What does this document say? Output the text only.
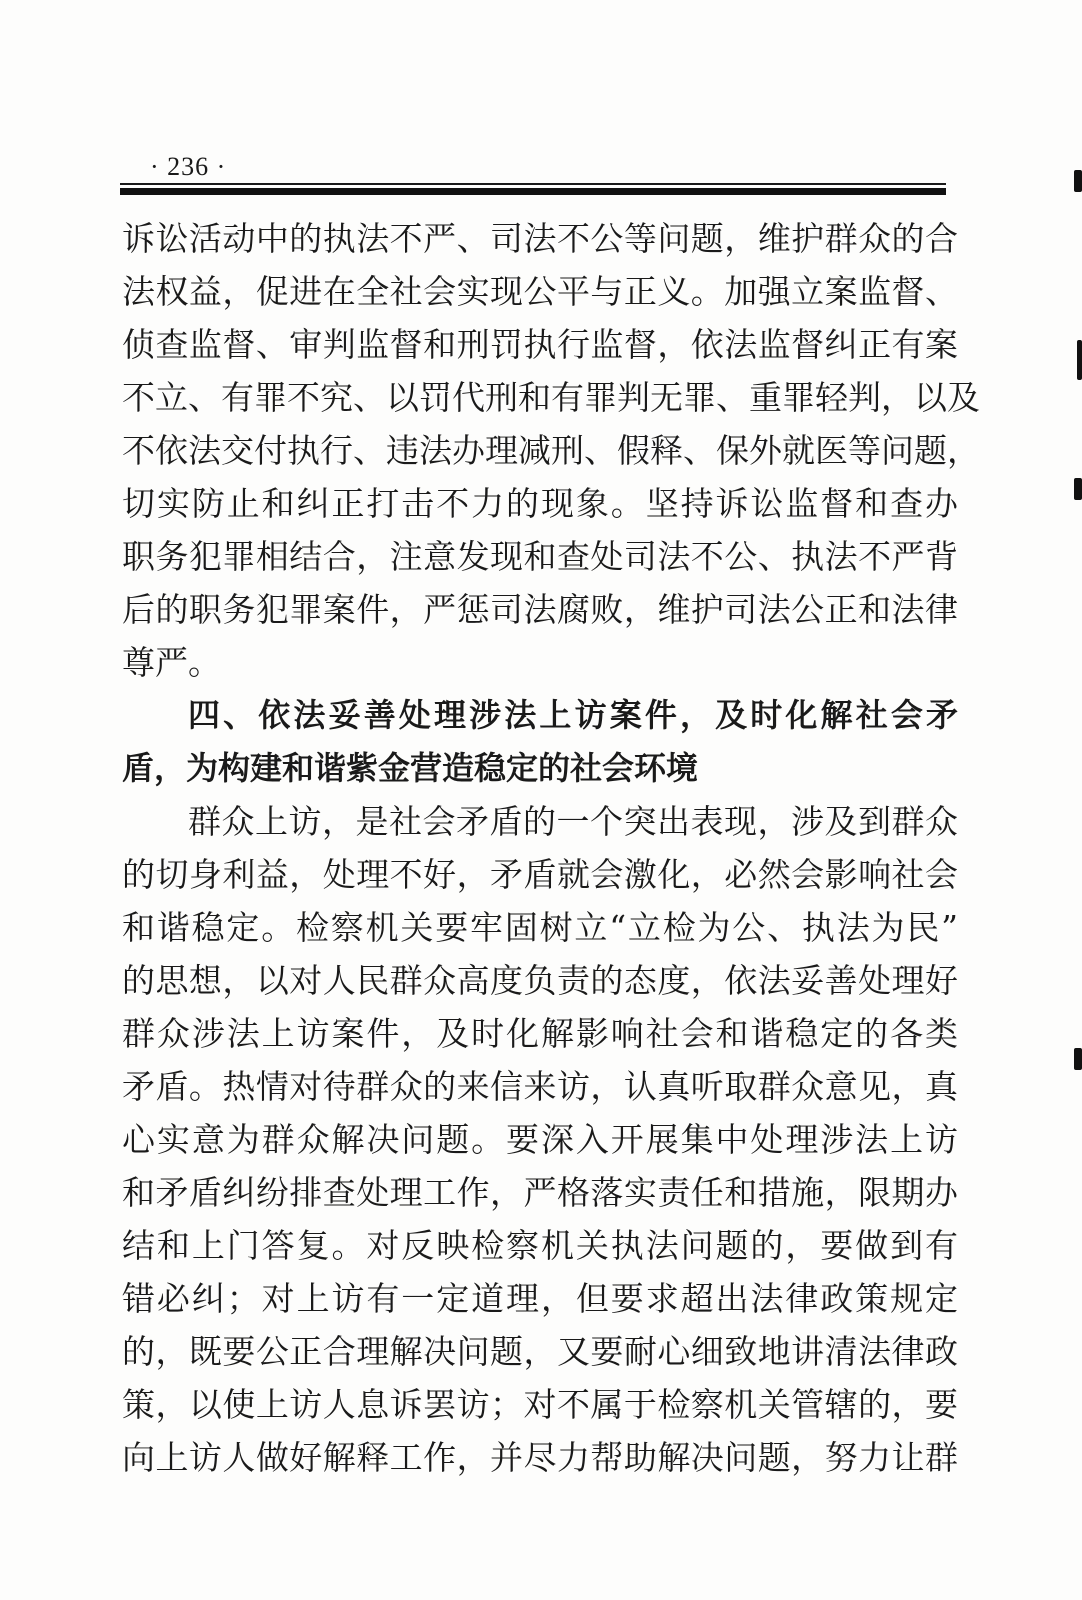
· 236 ·
诉讼活动中的执法不严、司法不公等问题，维护群众的合
法权益，促进在全社会实现公平与正义。加强立案监督、
侦查监督、审判监督和刑罚执行监督，依法监督纠正有案
不立、有罪不究、以罚代刑和有罪判无罪、重罪轻判，以及
不依法交付执行、违法办理减刑、假释、保外就医等问题，
切实防止和纠正打击不力的现象。坚持诉讼监督和查办
职务犯罪相结合，注意发现和查处司法不公、执法不严背
后的职务犯罪案件，严惩司法腐败，维护司法公正和法律
尊严。
四、依法妥善处理涉法上访案件，及时化解社会矛
盾，为构建和谐紫金营造稳定的社会环境
群众上访，是社会矛盾的一个突出表现，涉及到群众
的切身利益，处理不好，矛盾就会激化，必然会影响社会
和谐稳定。检察机关要牢固树立“立检为公、执法为民”
的思想，以对人民群众高度负责的态度，依法妥善处理好
群众涉法上访案件，及时化解影响社会和谐稳定的各类
矛盾。热情对待群众的来信来访，认真听取群众意见，真
心实意为群众解决问题。要深入开展集中处理涉法上访
和矛盾纠纷排查处理工作，严格落实责任和措施，限期办
结和上门答复。对反映检察机关执法问题的，要做到有
错必纠；对上访有一定道理，但要求超出法律政策规定
的，既要公正合理解决问题，又要耐心细致地讲清法律政
策，以使上访人息诉罢访；对不属于检察机关管辖的，要
向上访人做好解释工作，并尽力帮助解决问题，努力让群
